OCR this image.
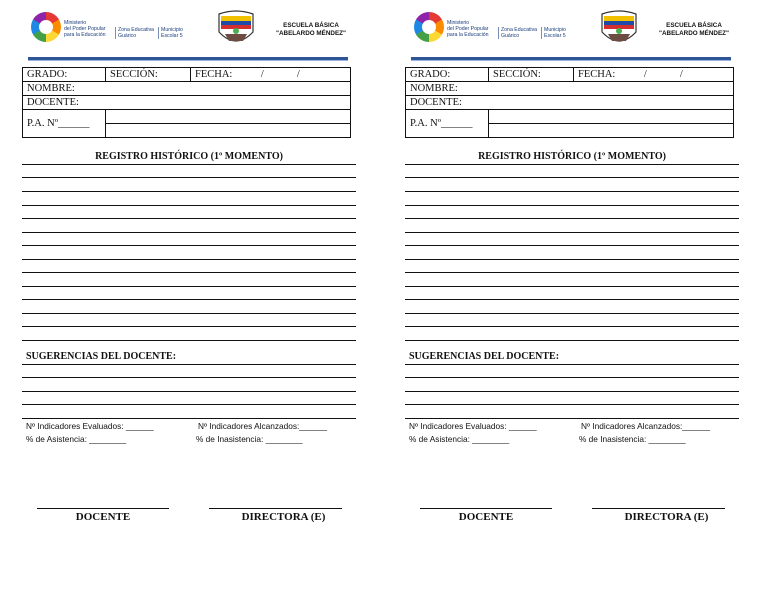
Ministerio
del Poder Popular
para la Educación
Zona Educativa
Guárico
Municipio
Escolar 5
ESCUELA BÁSICA
"ABELARDO MÉNDEZ"
GRADO:	SECCIÓN:	FECHA: / /
NOMBRE:		
DOCENTE:		
P.A. Nº______		

REGISTRO HISTÓRICO (1º MOMENTO)
SUGERENCIAS DEL DOCENTE:
Nº Indicadores Evaluados: ______	Nº Indicadores Alcanzados:______
% de Asistencia: ________	% de Inasistencia: ________
DOCENTE	DIRECTORA (E)
Ministerio
del Poder Popular
para la Educación
Zona Educativa
Guárico
Municipio
Escolar 5
ESCUELA BÁSICA
"ABELARDO MÉNDEZ"
GRADO:	SECCIÓN:	FECHA: / /
NOMBRE:		
DOCENTE:		
P.A. Nº______		

REGISTRO HISTÓRICO (1º MOMENTO)
SUGERENCIAS DEL DOCENTE:
Nº Indicadores Evaluados: ______	Nº Indicadores Alcanzados:______
% de Asistencia: ________	% de Inasistencia: ________
DOCENTE	DIRECTORA (E)
